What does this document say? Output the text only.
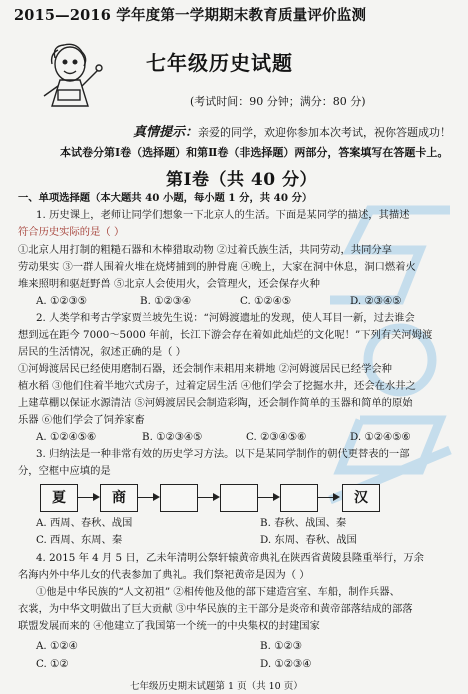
2015—2016 学年度第一学期期末教育质量评价监测
七年级历史试题
(考试时间：90 分钟；满分：80 分)
真情提示：亲爱的同学，欢迎你参加本次考试，祝你答题成功！
本试卷分第Ⅰ卷（选择题）和第Ⅱ卷（非选择题）两部分，答案填写在答题卡上。
第Ⅰ卷（共 40 分）
一、单项选择题（本大题共 40 小题，每小题 1 分，共 40 分）
1. 历史课上，老师让同学们想象一下北京人的生活。下面是某同学的描述，其描述
符合历史实际的是（ ）
①北京人用打制的粗糙石器和木棒猎取动物 ②过着氏族生活，共同劳动，共同分享
劳动果实 ③一群人围着火堆在烧烤捕到的肿骨鹿 ④晚上，大家在洞中休息，洞口燃着火
堆来照明和驱赶野兽 ⑤北京人会使用火，会管理火，还会保存火种
A. ①②③⑤	B. ①②③④	C. ①②④⑤	D. ②③④⑤
2. 人类学和考古学家贾兰坡先生说：“河姆渡遗址的发现，使人耳目一新，过去谁会
想到远在距今 7000～5000 年前，长江下游会存在着如此灿烂的文化呢！”下列有关河姆渡
居民的生活情况，叙述正确的是（ ）
①河姆渡居民已经使用磨制石器，还会制作耒耜用来耕地 ②河姆渡居民已经学会种
植水稻 ③他们住着半地穴式房子，过着定居生活 ④他们学会了挖掘水井，还会在水井之
上建草棚以保证水源清洁 ⑤河姆渡居民会制造彩陶，还会制作简单的玉器和简单的原始
乐器 ⑥他们学会了饲养家畜
A. ①②④⑤⑥	B. ①②③④⑤	C. ②③④⑤⑥	D. ①②④⑤⑥
3. 归纳法是一种非常有效的历史学习方法。以下是某同学制作的朝代更替表的一部
分，空框中应填的是
夏	商	汉
A. 西周、春秋、战国	B. 春秋、战国、秦
C. 西周、东周、秦	D. 东周、春秋、战国
4. 2015 年 4 月 5 日，乙未年清明公祭轩辕黄帝典礼在陕西省黄陵县隆重举行，万余
名海内外中华儿女的代表参加了典礼。我们祭祀黄帝是因为（ ）
①他是中华民族的“人文初祖” ②相传他及他的部下建造宫室、车船，制作兵器、
衣裳，为中华文明做出了巨大贡献 ③中华民族的主干部分是炎帝和黄帝部落结成的部落
联盟发展而来的 ④他建立了我国第一个统一的中央集权的封建国家
A. ①②④	B. ①②③
C. ①②	D. ①②③④
七年级历史期末试题第 1 页（共 10 页）
